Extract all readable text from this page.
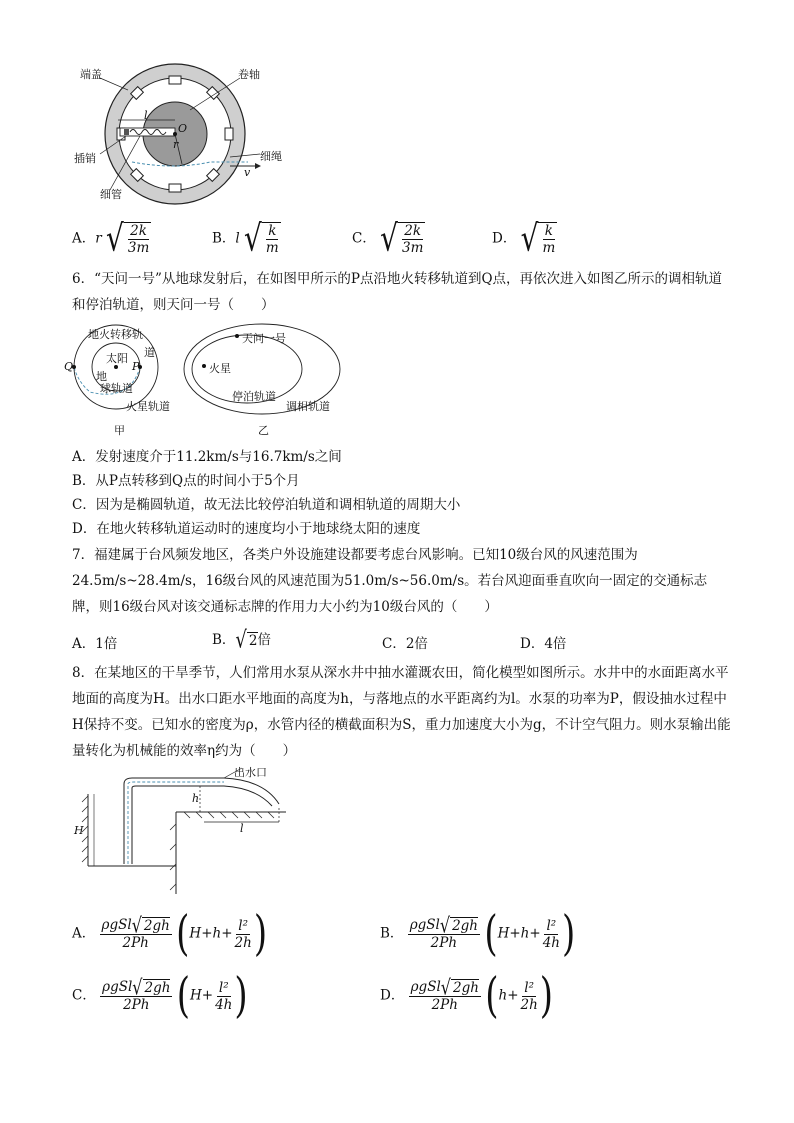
端盖	卷轴
插销
细管
细绳
l
O
r
v
A．r √ $\frac{2k}{3m}$	B．l √ $\frac{k}{m}$	C． √ $\frac{2k}{3m}$	D． √ $\frac{k}{m}$
6．“天问一号”从地球发射后，在如图甲所示的P点沿地火转移轨道到Q点，再依次进入如图乙所示的调相轨道和停泊轨道，则天问一号（　　）
地火转移轨
道
太阳
地
球轨道
火星轨道
Q	P
甲
天问一号
火星
停泊轨道
调相轨道
乙
A．发射速度介于11.2km/s与16.7km/s之间
B．从P点转移到Q点的时间小于5个月
C．因为是椭圆轨道，故无法比较停泊轨道和调相轨道的周期大小
D．在地火转移轨道运动时的速度均小于地球绕太阳的速度
7．福建属于台风频发地区，各类户外设施建设都要考虑台风影响。已知10级台风的风速范围为24.5m/s~28.4m/s，16级台风的风速范围为51.0m/s~56.0m/s。若台风迎面垂直吹向一固定的交通标志牌，则16级台风对该交通标志牌的作用力大小约为10级台风的（　　）
A．1倍	B． √ 2 倍	C．2倍	D．4倍
8．在某地区的干旱季节，人们常用水泵从深水井中抽水灌溉农田，简化模型如图所示。水井中的水面距离水平地面的高度为H。出水口距水平地面的高度为h，与落地点的水平距离约为l。水泵的功率为P，假设抽水过程中H保持不变。已知水的密度为ρ，水管内径的横截面积为S，重力加速度大小为g，不计空气阻力。则水泵输出能量转化为机械能的效率η约为（　　）
出水口
h
H	l
A． $\frac{\text{ρgSl √ 2gh}}{2Ph} (H+h+ \frac{\text{l²}}{2h}$ )	B． $\frac{\text{ρgSl √ 2gh}}{2Ph} (H+h+ \frac{\text{l²}}{4h}$ )
C． $\frac{\text{ρgSl √ 2gh}}{2Ph} (H+ \frac{\text{l²}}{4h}$ )	D． $\frac{\text{ρgSl √ 2gh}}{2Ph} (h+ \frac{\text{l²}}{2h}$ )
